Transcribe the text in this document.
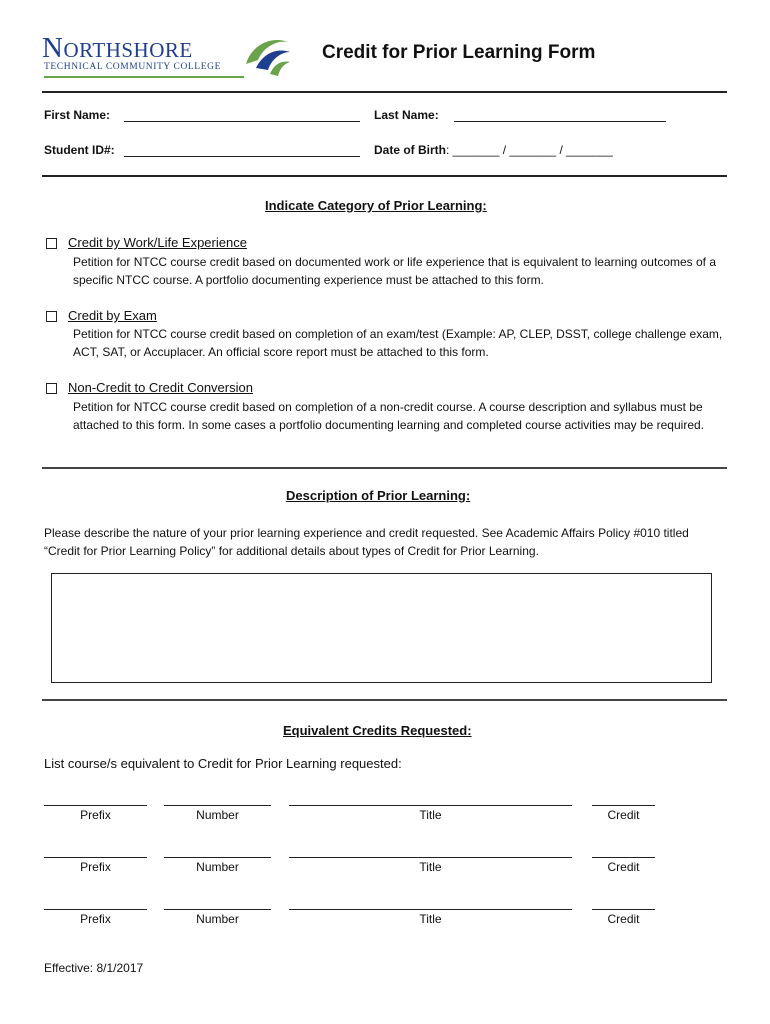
NORTHSHORE
TECHNICAL COMMUNITY COLLEGE
Credit for Prior Learning Form
First Name:	Last Name:
Student ID#:	Date of Birth: _______ / _______ / _______
Indicate Category of Prior Learning:
Credit by Work/Life Experience
Petition for NTCC course credit based on documented work or life experience that is equivalent to learning outcomes of a specific NTCC course. A portfolio documenting experience must be attached to this form.
Credit by Exam
Petition for NTCC course credit based on completion of an exam/test (Example: AP, CLEP, DSST, college challenge exam, ACT, SAT, or Accuplacer. An official score report must be attached to this form.
Non-Credit to Credit Conversion
Petition for NTCC course credit based on completion of a non-credit course. A course description and syllabus must be attached to this form. In some cases a portfolio documenting learning and completed course activities may be required.
Description of Prior Learning:
Please describe the nature of your prior learning experience and credit requested. See Academic Affairs Policy #010 titled “Credit for Prior Learning Policy” for additional details about types of Credit for Prior Learning.
Equivalent Credits Requested:
List course/s equivalent to Credit for Prior Learning requested:
Prefix	Number	Title	Credit
Prefix	Number	Title	Credit
Prefix	Number	Title	Credit
Effective: 8/1/2017
